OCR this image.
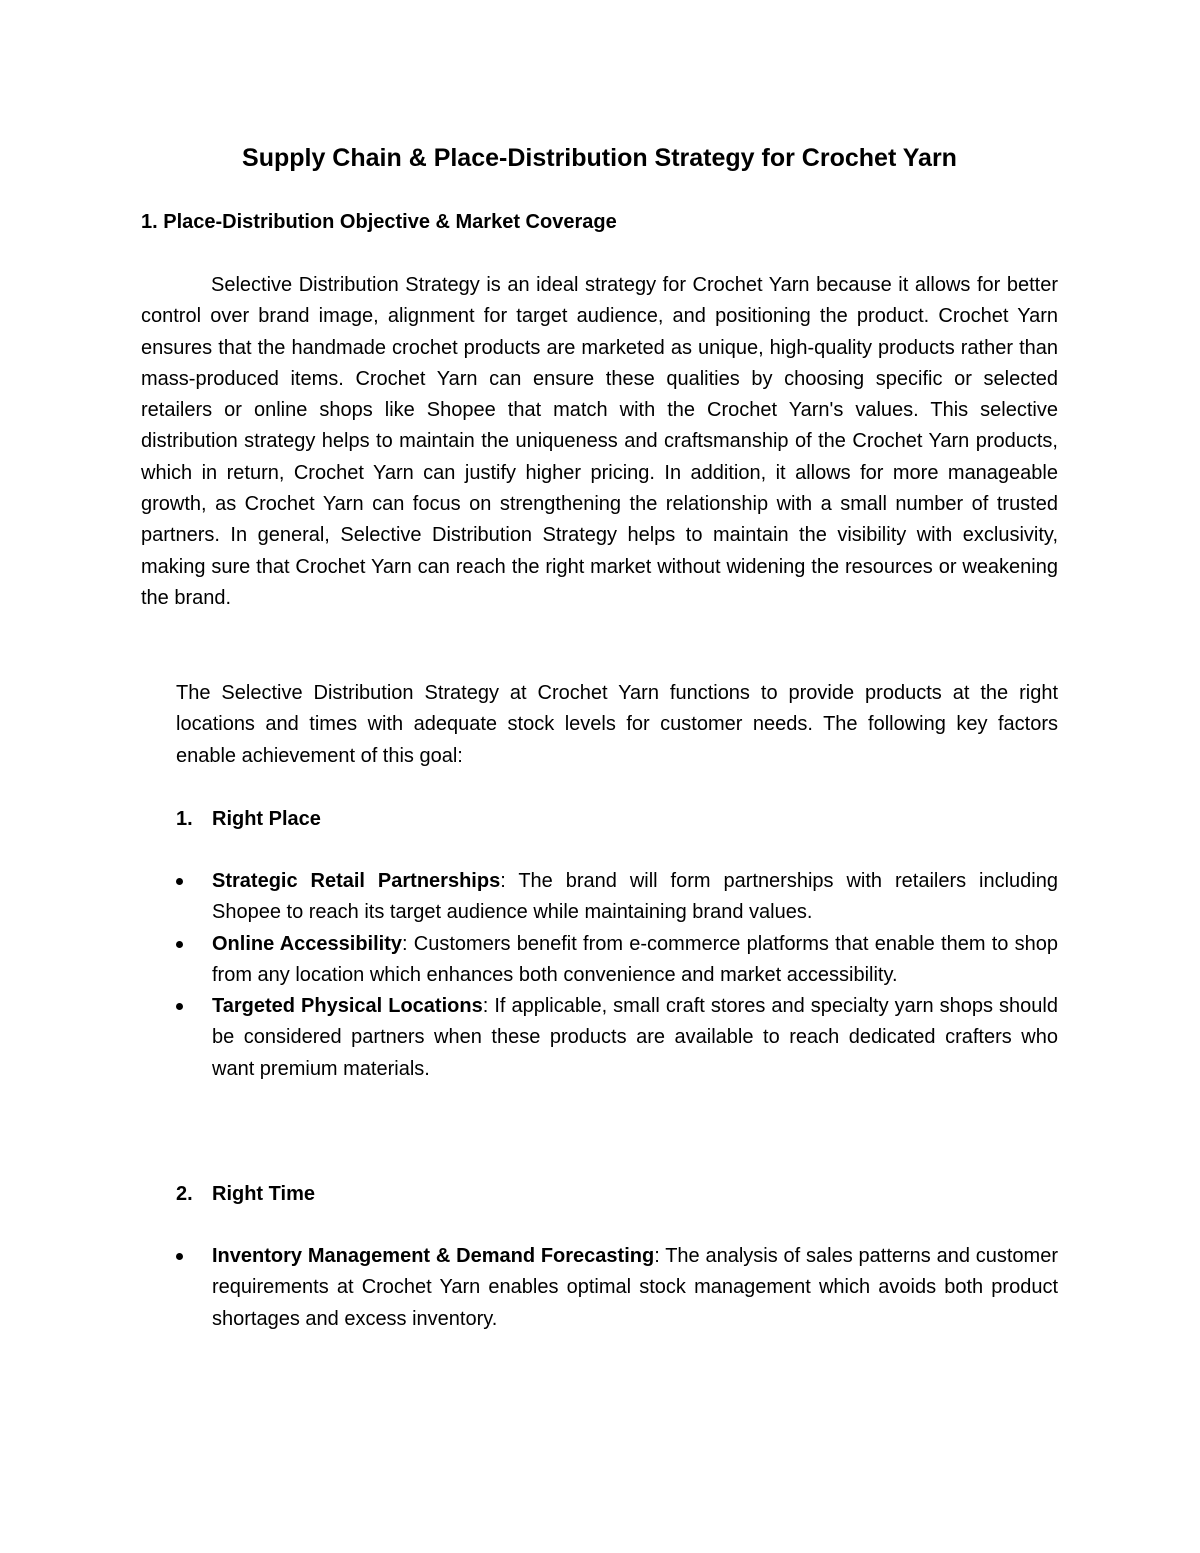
Supply Chain & Place-Distribution Strategy for Crochet Yarn
1. Place-Distribution Objective & Market Coverage

Selective Distribution Strategy is an ideal strategy for Crochet Yarn because it allows for better control over brand image, alignment for target audience, and positioning the product. Crochet Yarn ensures that the handmade crochet products are marketed as unique, high-quality products rather than mass-produced items. Crochet Yarn can ensure these qualities by choosing specific or selected retailers or online shops like Shopee that match with the Crochet Yarn's values. This selective distribution strategy helps to maintain the uniqueness and craftsmanship of the Crochet Yarn products, which in return, Crochet Yarn can justify higher pricing. In addition, it allows for more manageable growth, as Crochet Yarn can focus on strengthening the relationship with a small number of trusted partners. In general, Selective Distribution Strategy helps to maintain the visibility with exclusivity, making sure that Crochet Yarn can reach the right market without widening the resources or weakening the brand.

The Selective Distribution Strategy at Crochet Yarn functions to provide products at the right locations and times with adequate stock levels for customer needs. The following key factors enable achievement of this goal:

1. Right Place
Strategic Retail Partnerships: The brand will form partnerships with retailers including Shopee to reach its target audience while maintaining brand values.
Online Accessibility: Customers benefit from e-commerce platforms that enable them to shop from any location which enhances both convenience and market accessibility.
Targeted Physical Locations: If applicable, small craft stores and specialty yarn shops should be considered partners when these products are available to reach dedicated crafters who want premium materials.
2. Right Time
Inventory Management & Demand Forecasting: The analysis of sales patterns and customer requirements at Crochet Yarn enables optimal stock management which avoids both product shortages and excess inventory.
